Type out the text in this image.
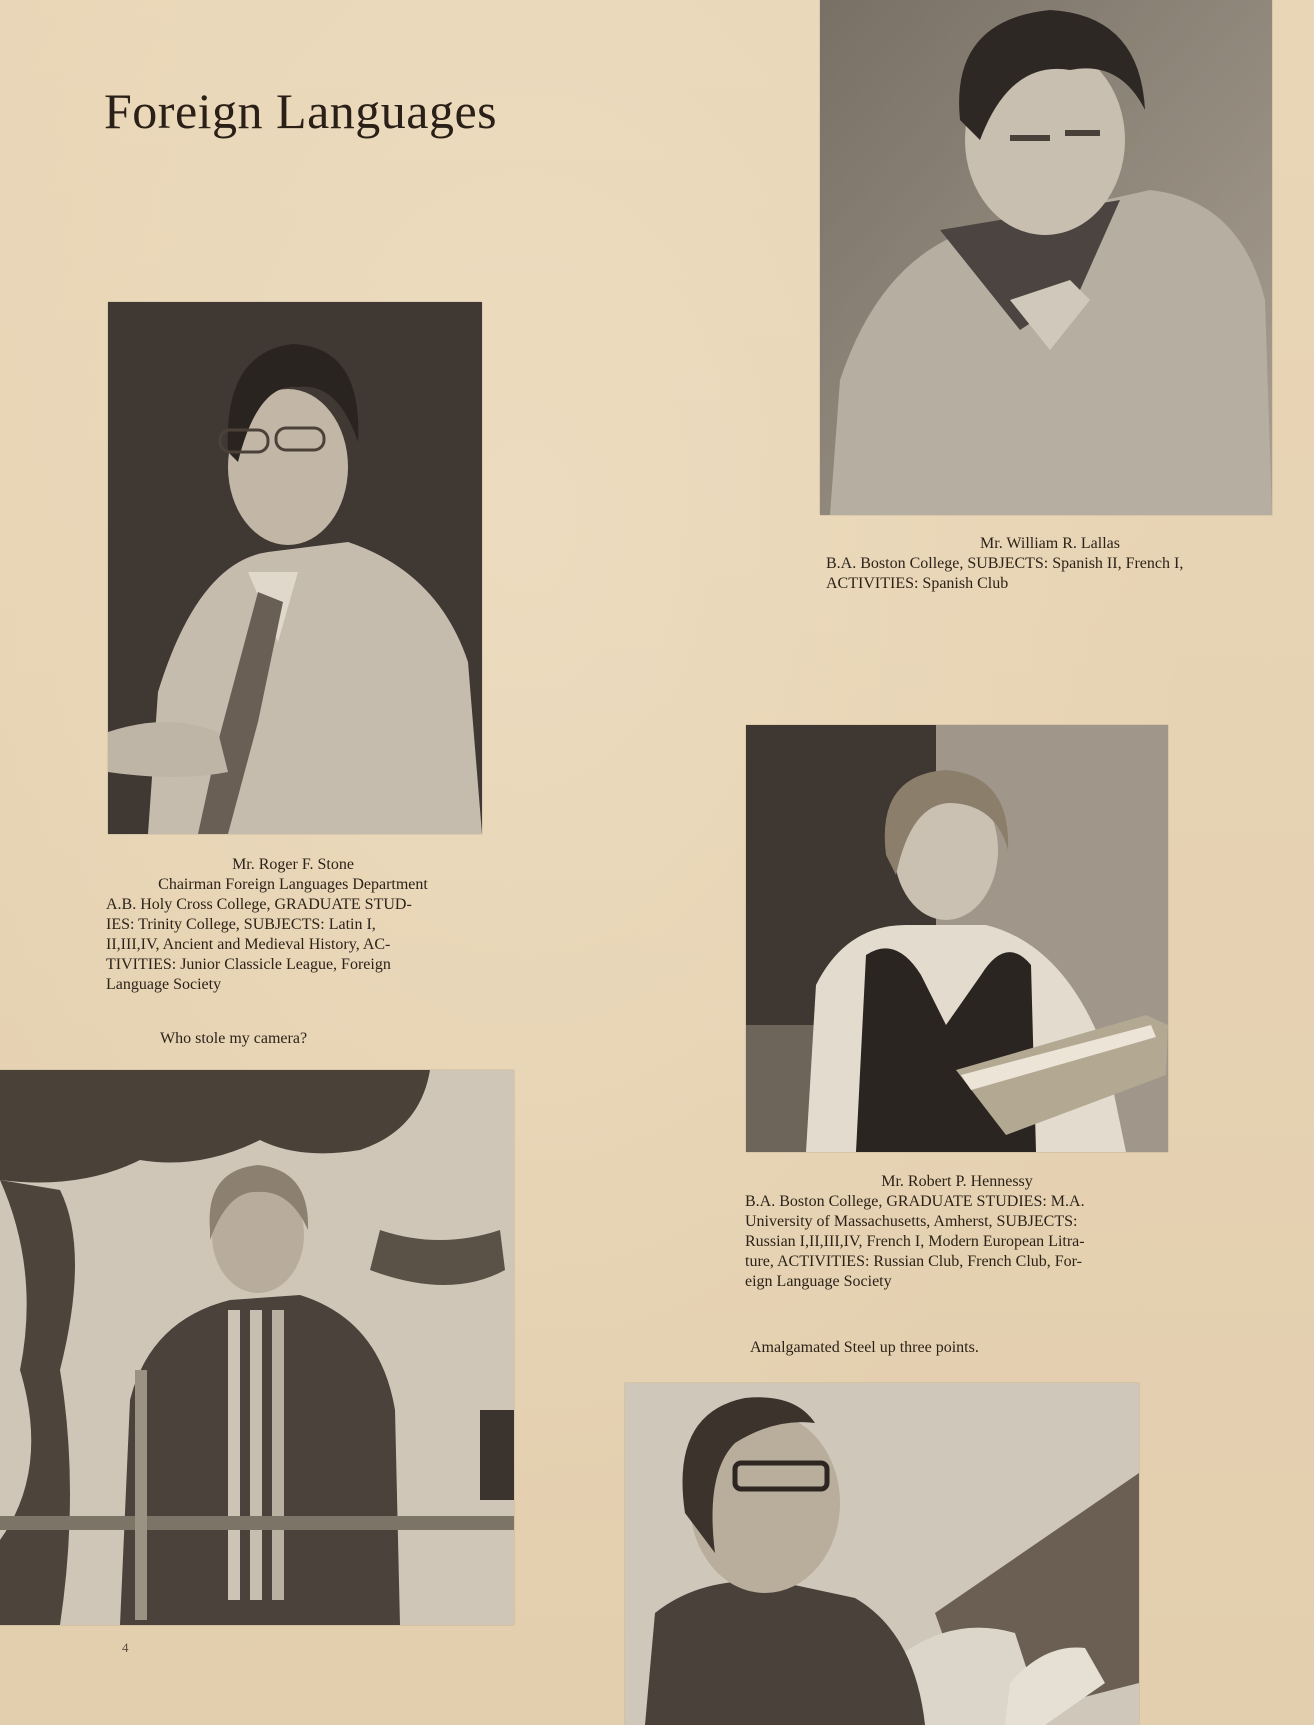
Foreign Languages
Mr. William R. Lallas
B.A. Boston College, SUBJECTS: Spanish II, French I,
ACTIVITIES: Spanish Club
Mr. Roger F. Stone
Chairman Foreign Languages Department
A.B. Holy Cross College, GRADUATE STUD-
IES: Trinity College, SUBJECTS: Latin I,
II,III,IV, Ancient and Medieval History, AC-
TIVITIES: Junior Classicle League, Foreign
Language Society
Who stole my camera?
Mr. Robert P. Hennessy
B.A. Boston College, GRADUATE STUDIES: M.A.
University of Massachusetts, Amherst, SUBJECTS:
Russian I,II,III,IV, French I, Modern European Litra-
ture, ACTIVITIES: Russian Club, French Club, For-
eign Language Society
Amalgamated Steel up three points.
4
